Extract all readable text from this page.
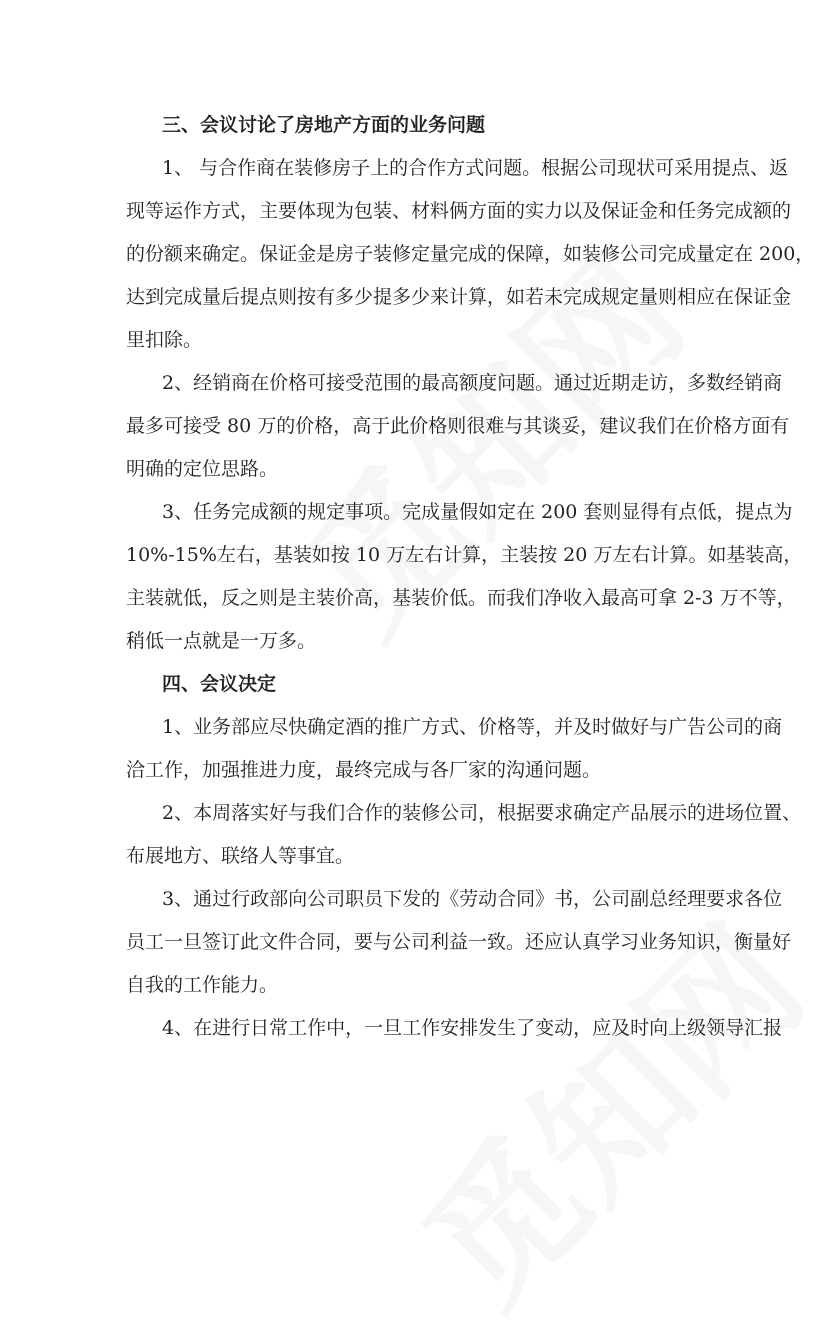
三、会议讨论了房地产方面的业务问题
1、 与合作商在装修房子上的合作方式问题。根据公司现状可采用提点、返
现等运作方式，主要体现为包装、材料俩方面的实力以及保证金和任务完成额的
的份额来确定。保证金是房子装修定量完成的保障，如装修公司完成量定在 200，
达到完成量后提点则按有多少提多少来计算，如若未完成规定量则相应在保证金
里扣除。
2、经销商在价格可接受范围的最高额度问题。通过近期走访，多数经销商
最多可接受 80 万的价格，高于此价格则很难与其谈妥，建议我们在价格方面有
明确的定位思路。
3、任务完成额的规定事项。完成量假如定在 200 套则显得有点低，提点为
10%-15%左右，基装如按 10 万左右计算，主装按 20 万左右计算。如基装高，
主装就低，反之则是主装价高，基装价低。而我们净收入最高可拿 2-3 万不等，
稍低一点就是一万多。
四、会议决定
1、业务部应尽快确定酒的推广方式、价格等，并及时做好与广告公司的商
洽工作，加强推进力度，最终完成与各厂家的沟通问题。
2、本周落实好与我们合作的装修公司，根据要求确定产品展示的进场位置、
布展地方、联络人等事宜。
3、通过行政部向公司职员下发的《劳动合同》书，公司副总经理要求各位
员工一旦签订此文件合同，要与公司利益一致。还应认真学习业务知识，衡量好
自我的工作能力。
4、在进行日常工作中，一旦工作安排发生了变动，应及时向上级领导汇报
